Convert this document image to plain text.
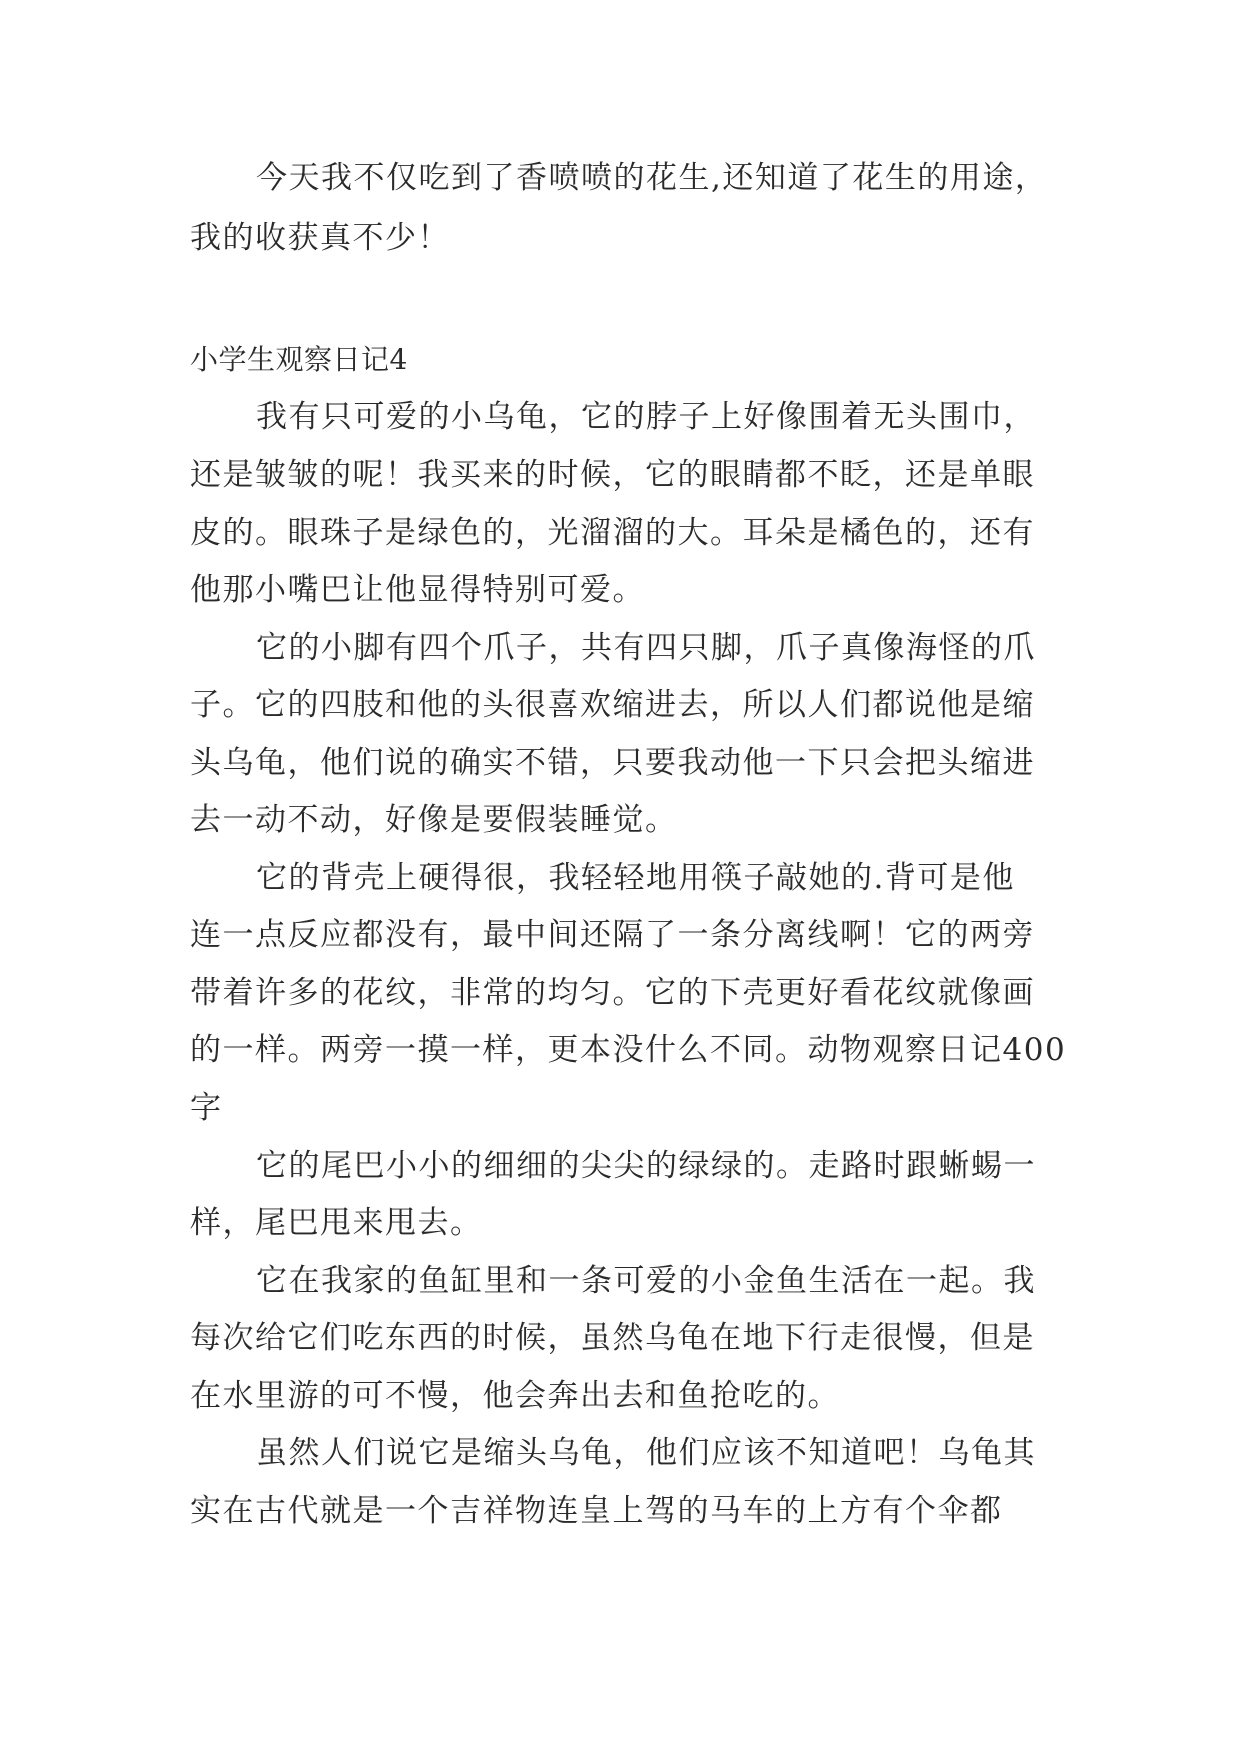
今天我不仅吃到了香喷喷的花生,还知道了花生的用途，
我的收获真不少！
小学生观察日记4
我有只可爱的小乌龟，它的脖子上好像围着无头围巾，
还是皱皱的呢！我买来的时候，它的眼睛都不眨，还是单眼
皮的。眼珠子是绿色的，光溜溜的大。耳朵是橘色的，还有
他那小嘴巴让他显得特别可爱。
它的小脚有四个爪子，共有四只脚，爪子真像海怪的爪
子。它的四肢和他的头很喜欢缩进去，所以人们都说他是缩
头乌龟，他们说的确实不错，只要我动他一下只会把头缩进
去一动不动，好像是要假装睡觉。
它的背壳上硬得很，我轻轻地用筷子敲她的.背可是他
连一点反应都没有，最中间还隔了一条分离线啊！它的两旁
带着许多的花纹，非常的均匀。它的下壳更好看花纹就像画
的一样。两旁一摸一样，更本没什么不同。动物观察日记400
字
它的尾巴小小的细细的尖尖的绿绿的。走路时跟蜥蜴一
样，尾巴甩来甩去。
它在我家的鱼缸里和一条可爱的小金鱼生活在一起。我
每次给它们吃东西的时候，虽然乌龟在地下行走很慢，但是
在水里游的可不慢，他会奔出去和鱼抢吃的。
虽然人们说它是缩头乌龟，他们应该不知道吧！乌龟其
实在古代就是一个吉祥物连皇上驾的马车的上方有个伞都
